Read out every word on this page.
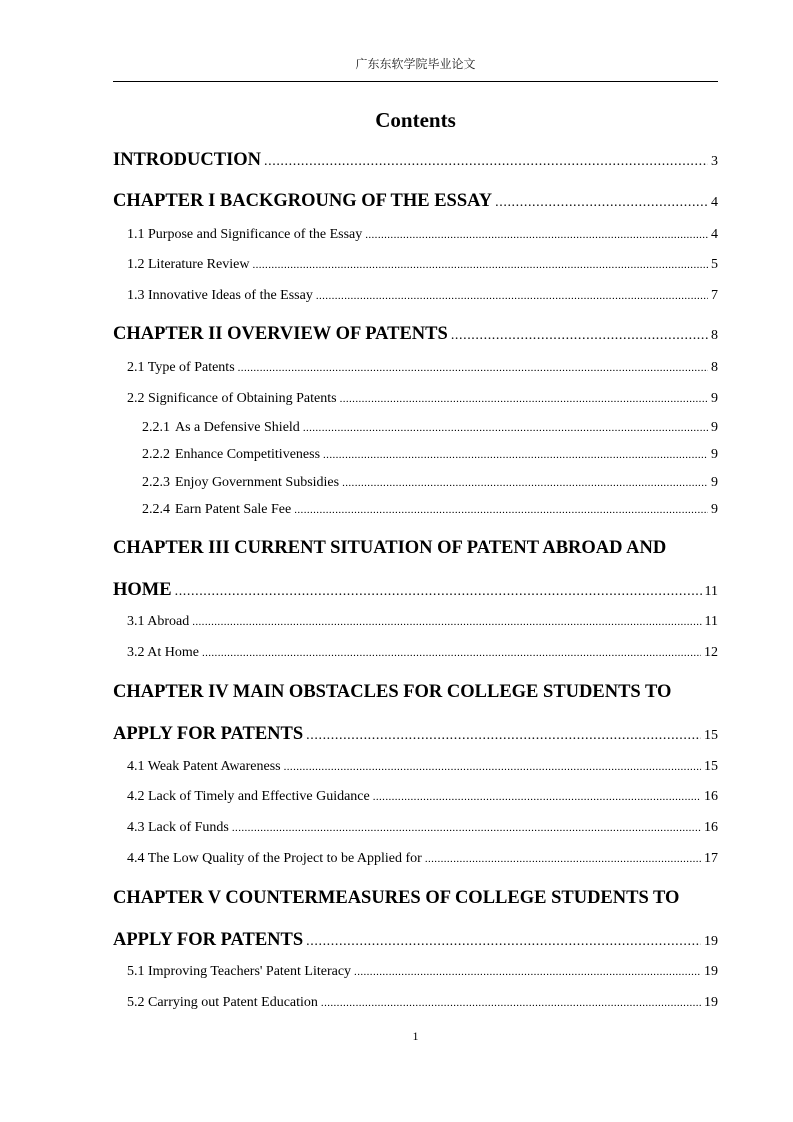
广东东软学院毕业论文
Contents
INTRODUCTION .....	3
CHAPTER I BACKGROUNG OF THE ESSAY .....	4
1.1 Purpose and Significance of the Essay .....	4
1.2 Literature Review .....	5
1.3 Innovative Ideas of the Essay .....	7
CHAPTER II OVERVIEW OF PATENTS .....	8
2.1 Type of Patents .....	8
2.2 Significance of Obtaining Patents .....	9
2.2.1 As a Defensive Shield .....	9
2.2.2 Enhance Competitiveness .....	9
2.2.3 Enjoy Government Subsidies .....	9
2.2.4 Earn Patent Sale Fee .....	9
CHAPTER III CURRENT SITUATION OF PATENT ABROAD AND
HOME .....	11
3.1 Abroad .....	11
3.2 At Home .....	12
CHAPTER IV MAIN OBSTACLES FOR COLLEGE STUDENTS TO
APPLY FOR PATENTS .....	15
4.1 Weak Patent Awareness .....	15
4.2 Lack of Timely and Effective Guidance .....	16
4.3 Lack of Funds .....	16
4.4 The Low Quality of the Project to be Applied for .....	17
CHAPTER V COUNTERMEASURES OF COLLEGE STUDENTS TO
APPLY FOR PATENTS .....	19
5.1 Improving Teachers' Patent Literacy .....	19
5.2 Carrying out Patent Education .....	19
1
